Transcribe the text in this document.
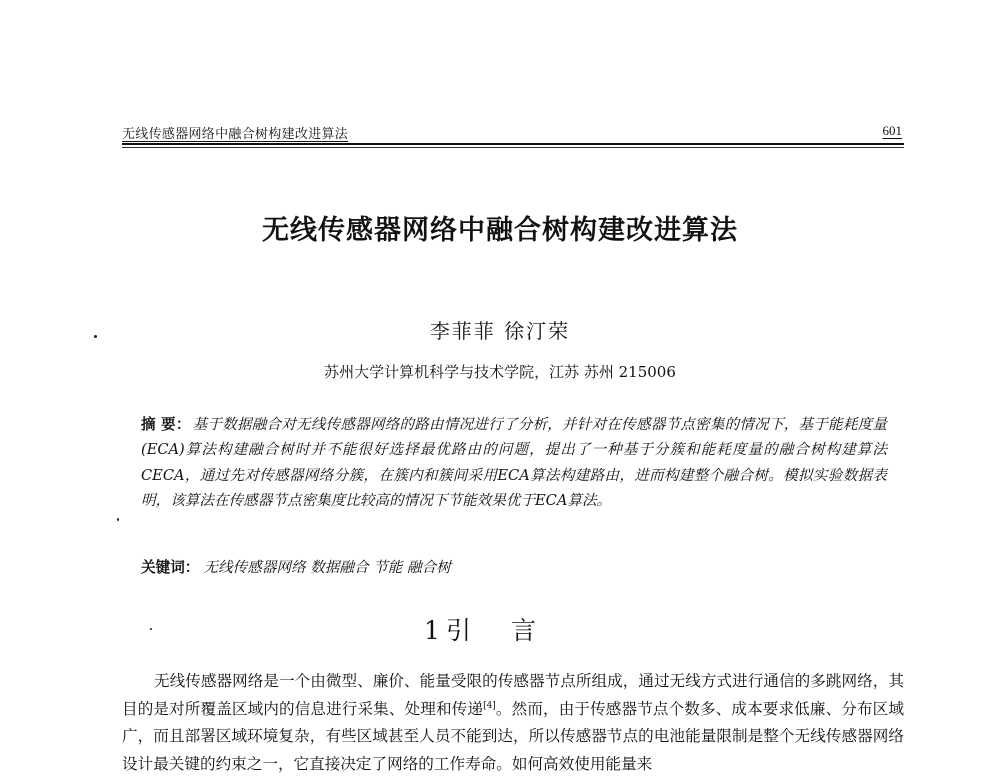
无线传感器网络中融合树构建改进算法	601
无线传感器网络中融合树构建改进算法
李菲菲 徐汀荣
苏州大学计算机科学与技术学院，江苏 苏州 215006
摘 要： 基于数据融合对无线传感器网络的路由情况进行了分析，并针对在传感器节点密集的情况下，基于能耗度量(ECA)算法构建融合树时并不能很好选择最优路由的问题，提出了一种基于分簇和能耗度量的融合树构建算法CECA，通过先对传感器网络分簇，在簇内和簇间采用ECA算法构建路由，进而构建整个融合树。模拟实验数据表明，该算法在传感器节点密集度比较高的情况下节能效果优于ECA算法。
关键词： 无线传感器网络 数据融合 节能 融合树
1 引言

无线传感器网络是一个由微型、廉价、能量受限的传感器节点所组成，通过无线方式进行通信的多跳网络，其目的是对所覆盖区域内的信息进行采集、处理和传递[4]。然而，由于传感器节点个数多、成本要求低廉、分布区域广，而且部署区域环境复杂，有些区域甚至人员不能到达，所以传感器节点的电池能量限制是整个无线传感器网络设计最关键的约束之一，它直接决定了网络的工作寿命。如何高效使用能量来
